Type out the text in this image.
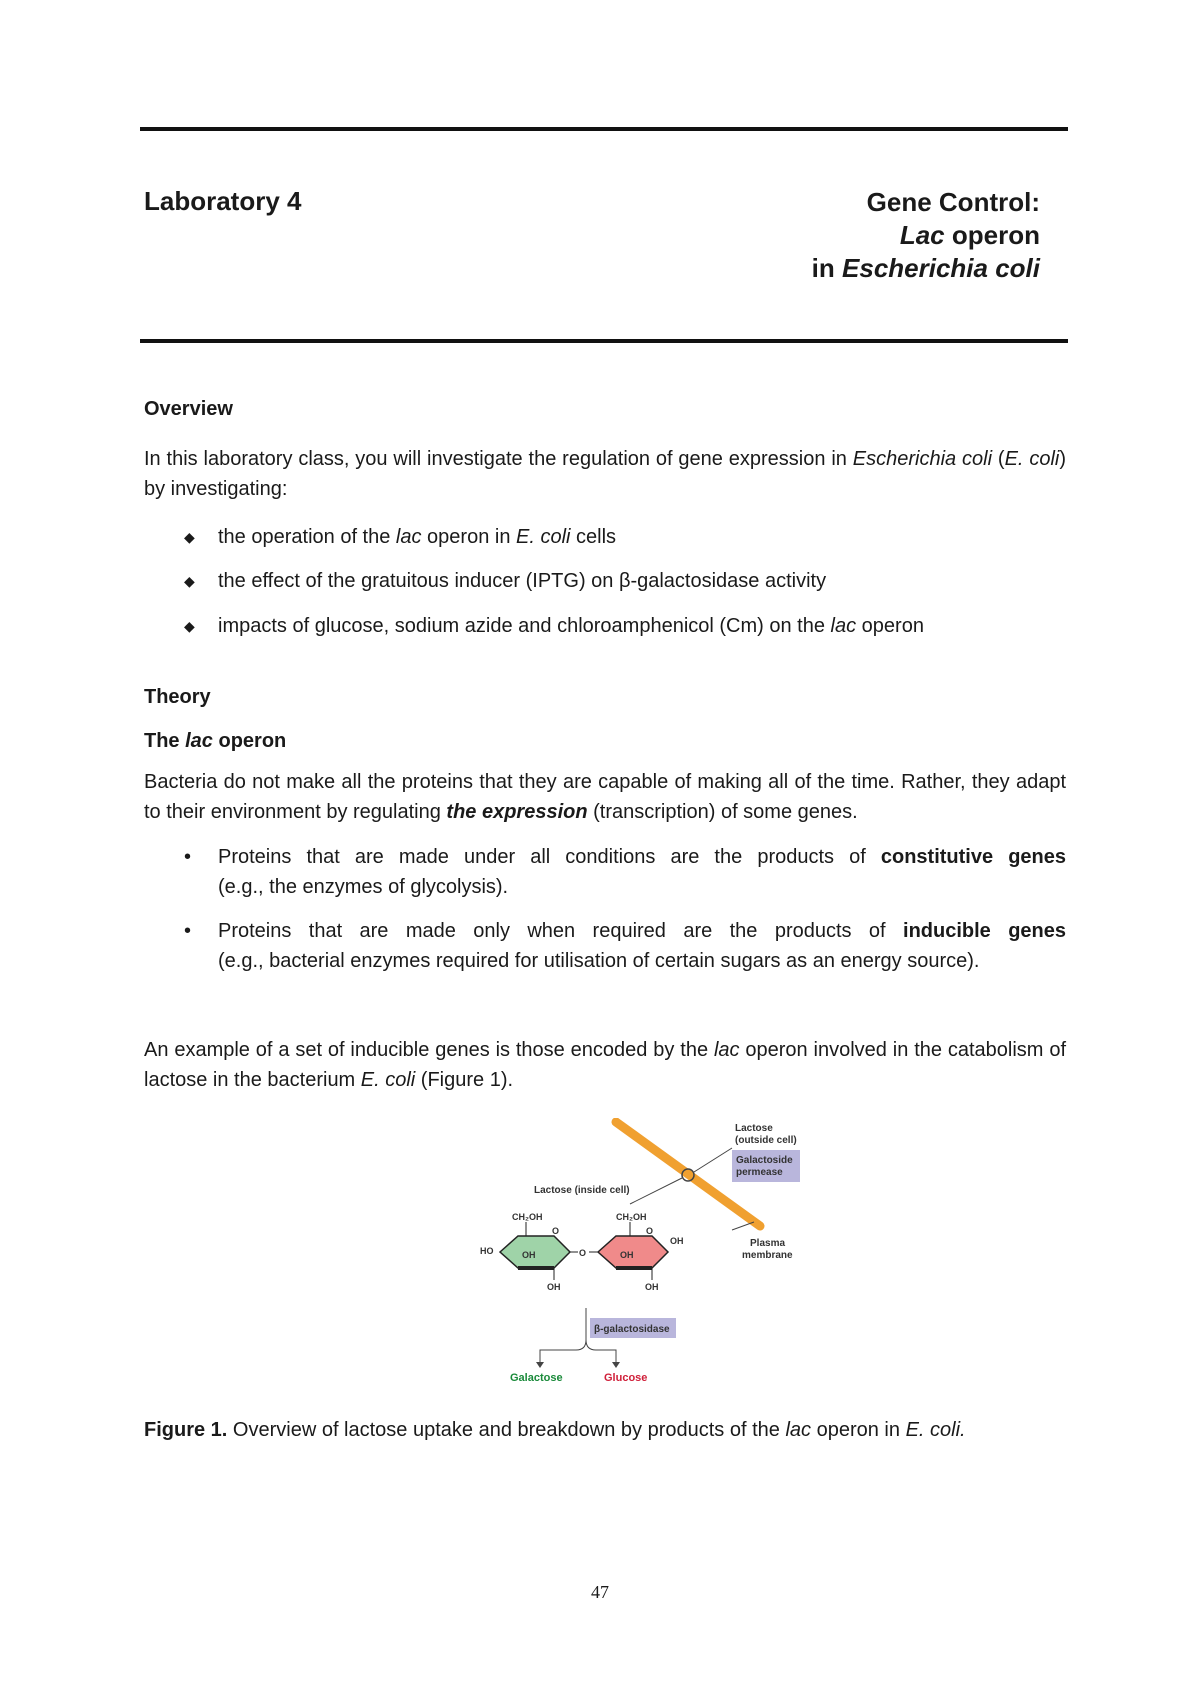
Laboratory 4	Gene Control:
Lac operon
in Escherichia coli
Overview
In this laboratory class, you will investigate the regulation of gene expression in Escherichia coli (E. coli) by investigating:
◆	the operation of the lac operon in E. coli cells
◆	the effect of the gratuitous inducer (IPTG) on β-galactosidase activity
◆	impacts of glucose, sodium azide and chloroamphenicol (Cm) on the lac operon
Theory
The lac operon
Bacteria do not make all the proteins that they are capable of making all of the time. Rather, they adapt to their environment by regulating the expression (transcription) of some genes.
•	Proteins that are made under all conditions are the products of constitutive genes
(e.g., the enzymes of glycolysis).
•	Proteins that are made only when required are the products of inducible genes
(e.g., bacterial enzymes required for utilisation of certain sugars as an energy source).
An example of a set of inducible genes is those encoded by the lac operon involved in the catabolism of lactose in the bacterium E. coli (Figure 1).
Lactose
(outside cell)
Galactoside
permease
Plasma
membrane
Lactose (inside cell)
CH₂OH
HO
O
OH
OH
O
CH₂OH
O
OH
OH
OH
β-galactosidase
Galactose	Glucose
Figure 1. Overview of lactose uptake and breakdown by products of the lac operon in E. coli.
47
